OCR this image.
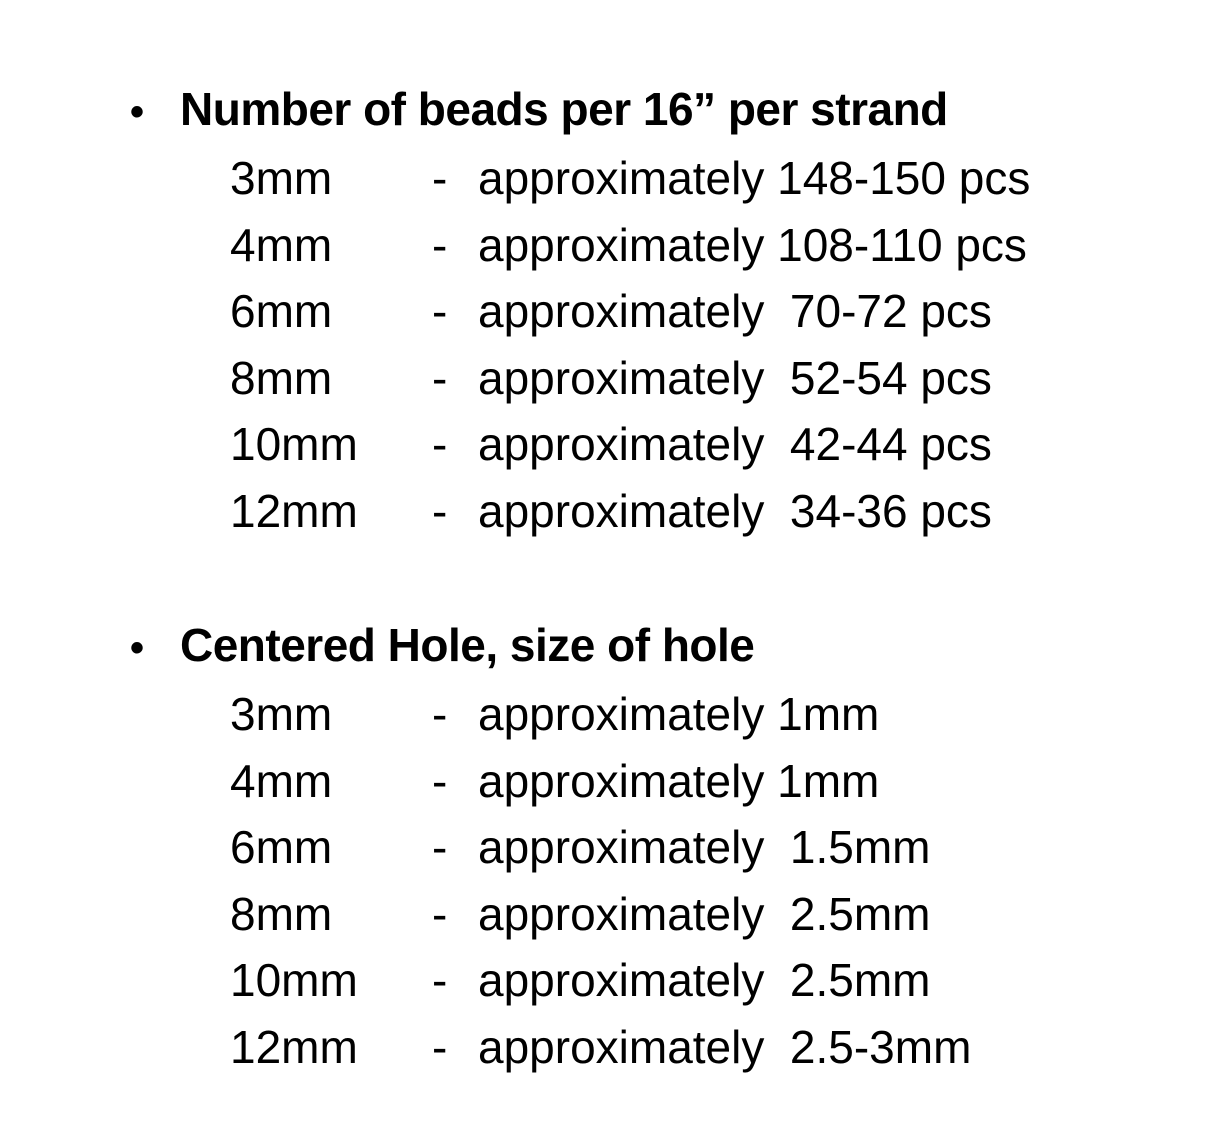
• Number of beads per 16” per strand
3mm	- approximately 148-150 pcs
4mm	- approximately 108-110 pcs
6mm	- approximately  70-72 pcs
8mm	- approximately  52-54 pcs
10mm	- approximately  42-44 pcs
12mm	- approximately  34-36 pcs
• Centered Hole, size of hole
3mm	- approximately 1mm
4mm	- approximately 1mm
6mm	- approximately  1.5mm
8mm	- approximately  2.5mm
10mm	- approximately  2.5mm
12mm	- approximately  2.5-3mm
